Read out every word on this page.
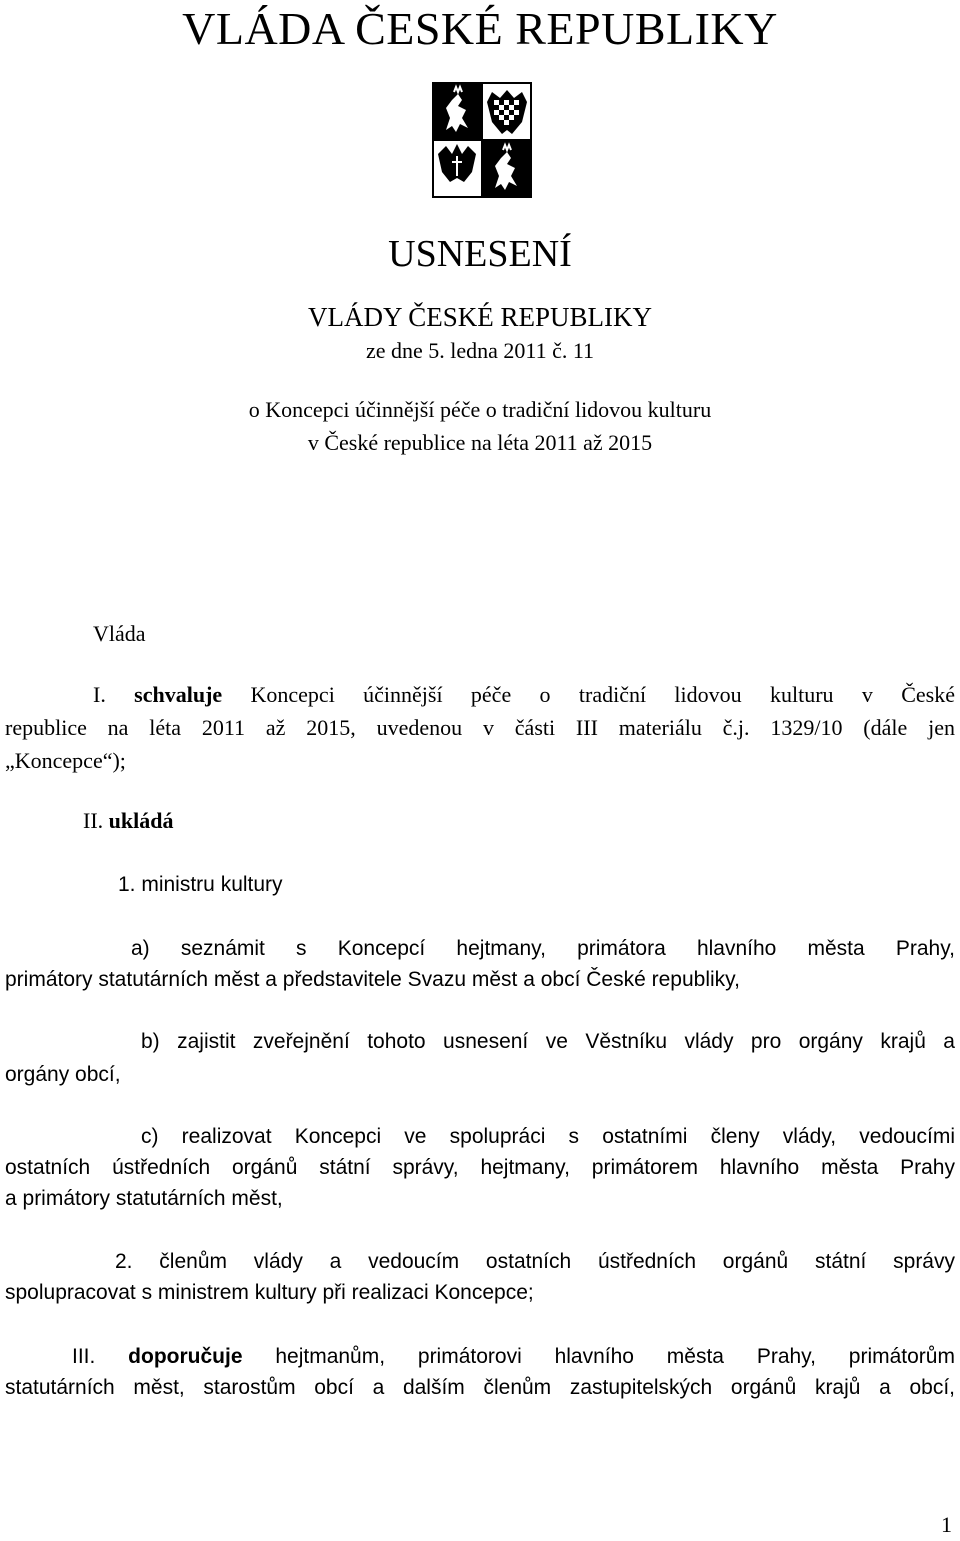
VLÁDA ČESKÉ REPUBLIKY
USNESENÍ
VLÁDY ČESKÉ REPUBLIKY
ze dne 5. ledna 2011 č. 11
o Koncepci účinnější péče o tradiční lidovou kulturu
v České republice na léta 2011 až 2015
Vláda
I. schvaluje Koncepci účinnější péče o tradiční lidovou kulturu v České
republice na léta 2011 až 2015, uvedenou v části III materiálu č.j. 1329/10 (dále jen
„Koncepce“);
II. ukládá
1. ministru kultury
a) seznámit s Koncepcí hejtmany, primátora hlavního města Prahy,
primátory statutárních měst a představitele Svazu měst a obcí České republiky,
b) zajistit zveřejnění tohoto usnesení ve Věstníku vlády pro orgány krajů a
orgány obcí,
c) realizovat Koncepci ve spolupráci s ostatními členy vlády, vedoucími
ostatních ústředních orgánů státní správy, hejtmany, primátorem hlavního města Prahy
a primátory statutárních měst,
2. členům vlády a vedoucím ostatních ústředních orgánů státní správy
spolupracovat s ministrem kultury při realizaci Koncepce;
III. doporučuje hejtmanům, primátorovi hlavního města Prahy, primátorům
statutárních měst, starostům obcí a dalším členům zastupitelských orgánů krajů a obcí,
1
